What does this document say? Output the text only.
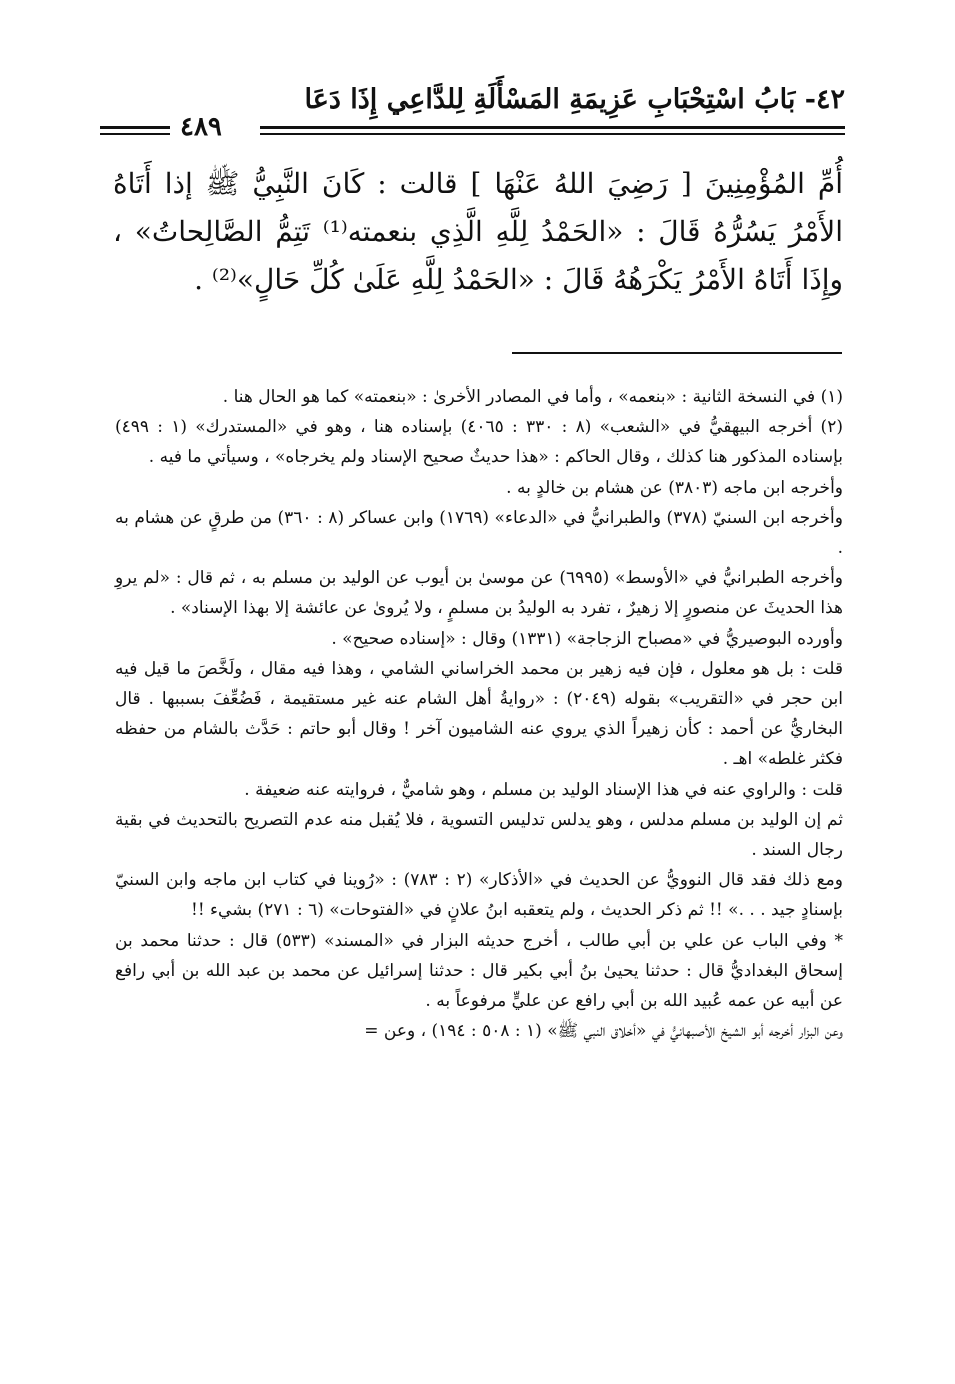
٤٢- بَابُ اسْتِحْبَابِ عَزِيمَةِ المَسْأَلَةِ لِلدَّاعِي إِذَا دَعَا
٤٨٩

أُمِّ المُؤْمِنِينَ [ رَضِيَ اللهُ عَنْهَا ] قالت : كَانَ النَّبِيُّ ﷺ إذا أَتَاهُ الأَمْرُ يَسُرُّهُ قَالَ : «الحَمْدُ لِلَّهِ الَّذِي بنعمته⁽¹⁾ تَتِمُّ الصَّالِحاتُ» ، وإِذَا أَتَاهُ الأَمْرُ يَكْرَهُهُ قَالَ : «الحَمْدُ لِلَّهِ عَلَىٰ كُلِّ حَالٍ»⁽²⁾ .

(١) في النسخة الثانية : «بنعمه» ، وأما في المصادر الأخرىٰ : «بنعمته» كما هو الحال هنا .

(٢) أخرجه البيهقيُّ في «الشعب» (٨ : ٣٣٠ : ٤٠٦٥) بإسناده هنا ، وهو في «المستدرك» (١ : ٤٩٩) بإسناده المذكور هنا كذلك ، وقال الحاكم : «هذا حديثٌ صحيح الإسناد ولم يخرجاه» ، وسيأتي ما فيه .

وأخرجه ابن ماجه (٣٨٠٣) عن هشام بن خالدٍ به .

وأخرجه ابن السنيّ (٣٧٨) والطبرانيُّ في «الدعاء» (١٧٦٩) وابن عساكر (٨ : ٣٦٠) من طرقٍ عن هشام به .

وأخرجه الطبرانيُّ في «الأوسط» (٦٩٩٥) عن موسىٰ بن أيوب عن الوليد بن مسلم به ، ثم قال : «لم يروِ هذا الحديثَ عن منصورٍ إلا زهيرٌ ، تفرد به الوليدُ بن مسلمٍ ، ولا يُروىٰ عن عائشة إلا بهذا الإسناد» .

وأورده البوصيريُّ في «مصباح الزجاجة» (١٣٣١) وقال : «إسناده صحيح» .

قلت : بل هو معلول ، فإن فيه زهير بن محمد الخراساني الشامي ، وهذا فيه مقال ، ولَخَّصَ ما قيل فيه ابن حجر في «التقريب» بقوله (٢٠٤٩) : «روايةُ أهل الشام عنه غير مستقيمة ، فَضُعِّفَ بسببها . قال البخاريُّ عن أحمد : كأن زهيراً الذي يروي عنه الشاميون آخر ! وقال أبو حاتم : حَدَّث بالشام من حفظه فكثر غلطه» اهـ .

قلت : والراوي عنه في هذا الإسناد الوليد بن مسلم ، وهو شاميٌّ ، فروايته عنه ضعيفة .

ثم إن الوليد بن مسلم مدلس ، وهو يدلس تدليس التسوية ، فلا يُقبل منه عدم التصريح بالتحديث في بقية رجال السند .

ومع ذلك فقد قال النوويُّ عن الحديث في «الأذكار» (٢ : ٧٨٣) : «رُوينا في كتاب ابن ماجه وابن السنيّ بإسنادٍ جيد . . .» !! ثم ذكر الحديث ، ولم يتعقبه ابنُ علانٍ في «الفتوحات» (٦ : ٢٧١) بشيء !!

* وفي الباب عن علي بن أبي طالب ، أخرج حديثه البزار في «المسند» (٥٣٣) قال : حدثنا محمد بن إسحاق البغداديُّ قال : حدثنا يحيىٰ بنُ أبي بكير قال : حدثنا إسرائيل عن محمد بن عبد الله بن أبي رافع عن أبيه عن عمه عُبيد الله بن أبي رافع عن عليٍّ مرفوعاً به .

وعن البزار أخرجه أبو الشيخ الأصبهانيُّ في «أخلاق النبي ﷺ» (١ : ٥٠٨ : ١٩٤) ، وعن =
